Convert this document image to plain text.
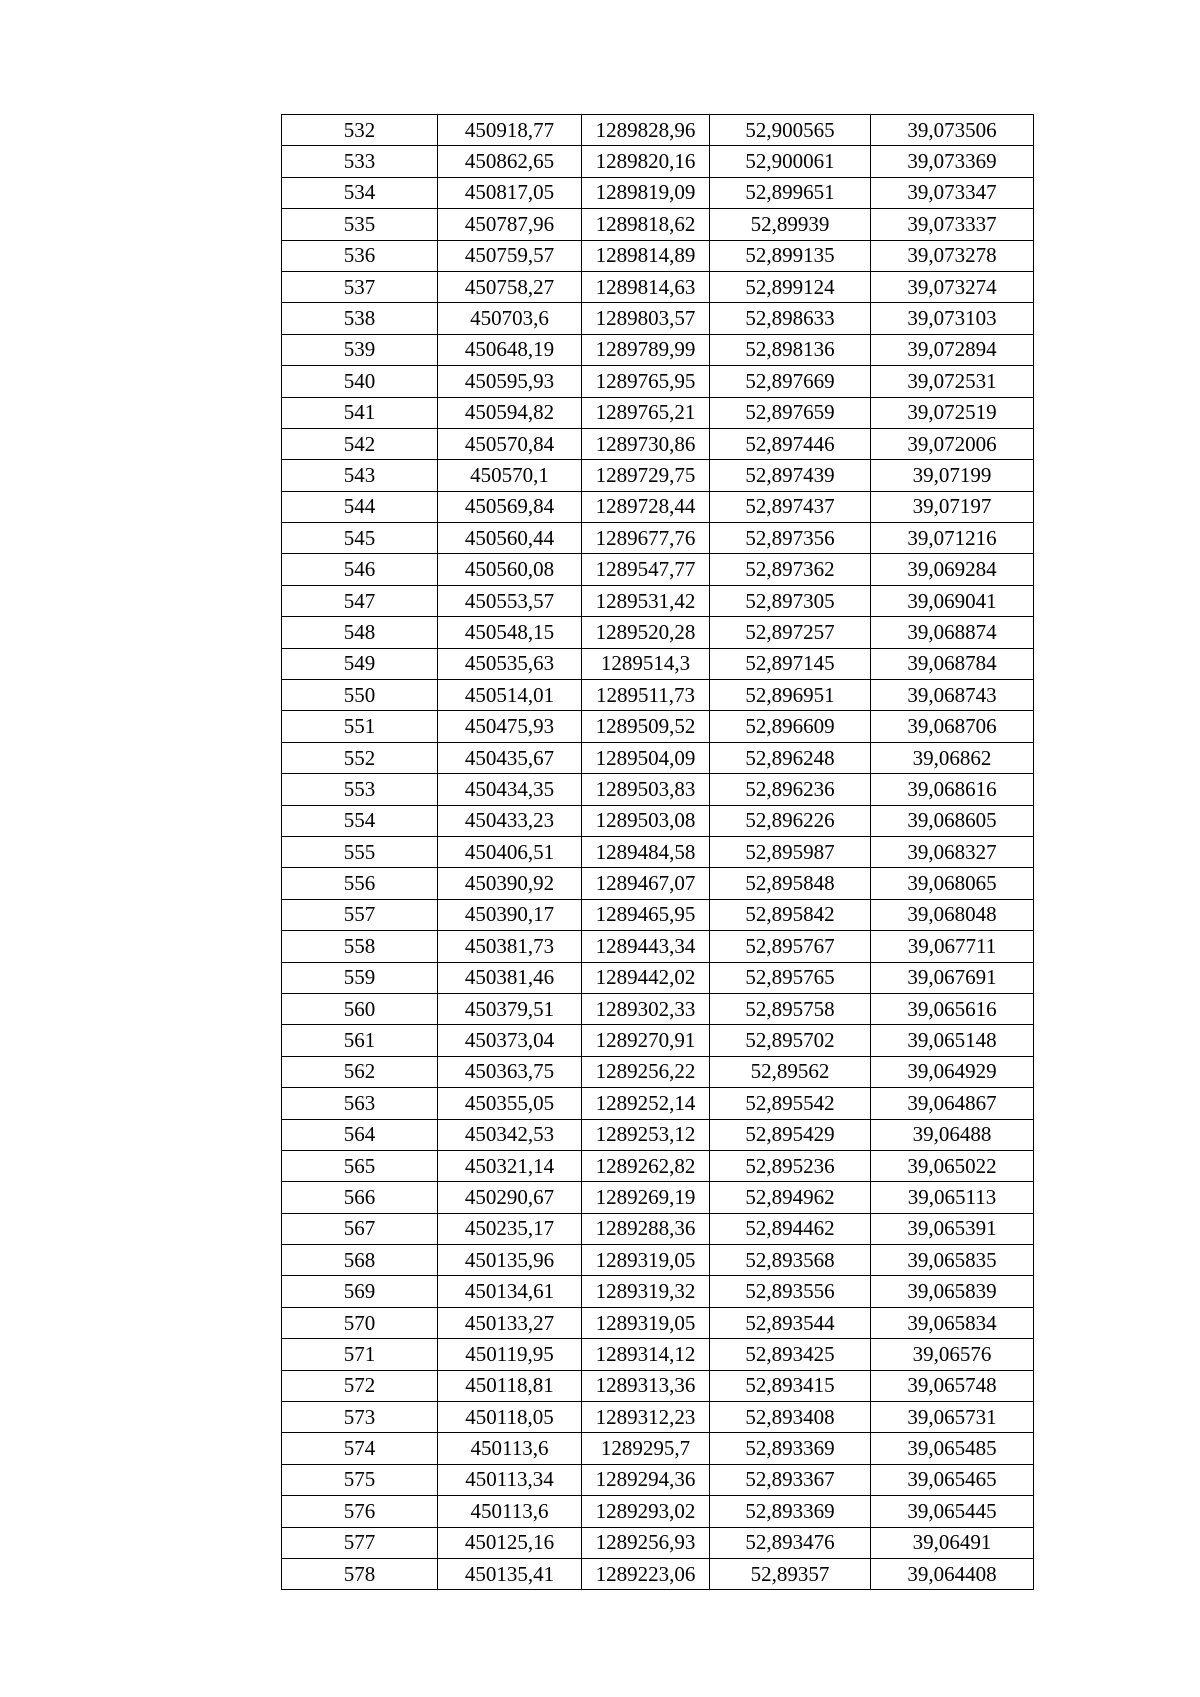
532	450918,77	1289828,96	52,900565	39,073506
533	450862,65	1289820,16	52,900061	39,073369
534	450817,05	1289819,09	52,899651	39,073347
535	450787,96	1289818,62	52,89939	39,073337
536	450759,57	1289814,89	52,899135	39,073278
537	450758,27	1289814,63	52,899124	39,073274
538	450703,6	1289803,57	52,898633	39,073103
539	450648,19	1289789,99	52,898136	39,072894
540	450595,93	1289765,95	52,897669	39,072531
541	450594,82	1289765,21	52,897659	39,072519
542	450570,84	1289730,86	52,897446	39,072006
543	450570,1	1289729,75	52,897439	39,07199
544	450569,84	1289728,44	52,897437	39,07197
545	450560,44	1289677,76	52,897356	39,071216
546	450560,08	1289547,77	52,897362	39,069284
547	450553,57	1289531,42	52,897305	39,069041
548	450548,15	1289520,28	52,897257	39,068874
549	450535,63	1289514,3	52,897145	39,068784
550	450514,01	1289511,73	52,896951	39,068743
551	450475,93	1289509,52	52,896609	39,068706
552	450435,67	1289504,09	52,896248	39,06862
553	450434,35	1289503,83	52,896236	39,068616
554	450433,23	1289503,08	52,896226	39,068605
555	450406,51	1289484,58	52,895987	39,068327
556	450390,92	1289467,07	52,895848	39,068065
557	450390,17	1289465,95	52,895842	39,068048
558	450381,73	1289443,34	52,895767	39,067711
559	450381,46	1289442,02	52,895765	39,067691
560	450379,51	1289302,33	52,895758	39,065616
561	450373,04	1289270,91	52,895702	39,065148
562	450363,75	1289256,22	52,89562	39,064929
563	450355,05	1289252,14	52,895542	39,064867
564	450342,53	1289253,12	52,895429	39,06488
565	450321,14	1289262,82	52,895236	39,065022
566	450290,67	1289269,19	52,894962	39,065113
567	450235,17	1289288,36	52,894462	39,065391
568	450135,96	1289319,05	52,893568	39,065835
569	450134,61	1289319,32	52,893556	39,065839
570	450133,27	1289319,05	52,893544	39,065834
571	450119,95	1289314,12	52,893425	39,06576
572	450118,81	1289313,36	52,893415	39,065748
573	450118,05	1289312,23	52,893408	39,065731
574	450113,6	1289295,7	52,893369	39,065485
575	450113,34	1289294,36	52,893367	39,065465
576	450113,6	1289293,02	52,893369	39,065445
577	450125,16	1289256,93	52,893476	39,06491
578	450135,41	1289223,06	52,89357	39,064408
